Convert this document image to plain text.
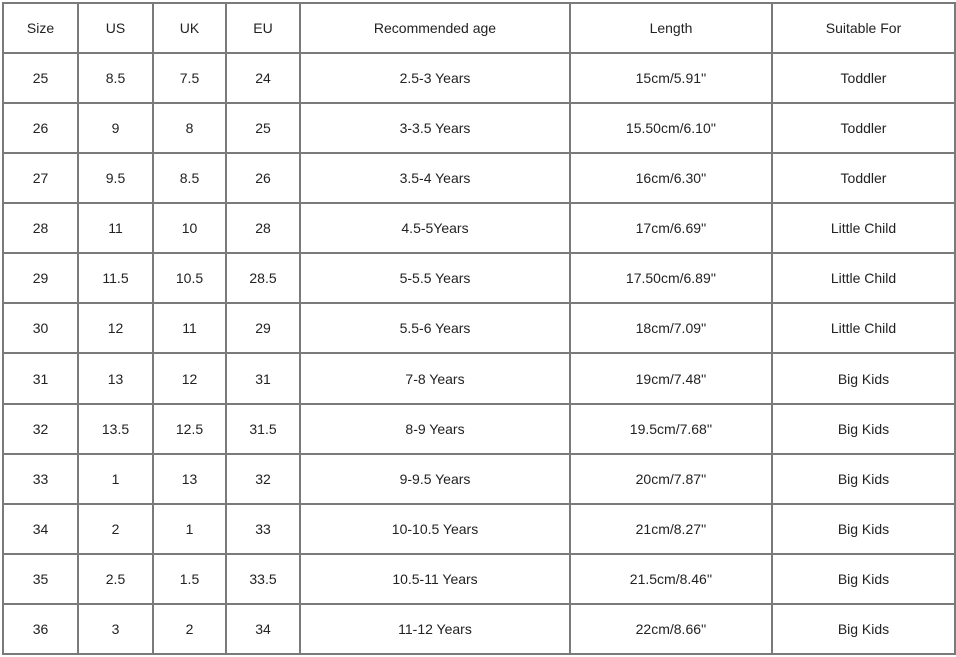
Size	US	UK	EU	Recommended age	Length	Suitable For
25	8.5	7.5	24	2.5-3 Years	15cm/5.91''	Toddler
26	9	8	25	3-3.5 Years	15.50cm/6.10''	Toddler
27	9.5	8.5	26	3.5-4 Years	16cm/6.30''	Toddler
28	11	10	28	4.5-5Years	17cm/6.69''	Little Child
29	11.5	10.5	28.5	5-5.5 Years	17.50cm/6.89''	Little Child
30	12	11	29	5.5-6 Years	18cm/7.09''	Little Child
31	13	12	31	7-8 Years	19cm/7.48''	Big Kids
32	13.5	12.5	31.5	8-9 Years	19.5cm/7.68''	Big Kids
33	1	13	32	9-9.5 Years	20cm/7.87''	Big Kids
34	2	1	33	10-10.5 Years	21cm/8.27''	Big Kids
35	2.5	1.5	33.5	10.5-11 Years	21.5cm/8.46''	Big Kids
36	3	2	34	11-12 Years	22cm/8.66''	Big Kids
